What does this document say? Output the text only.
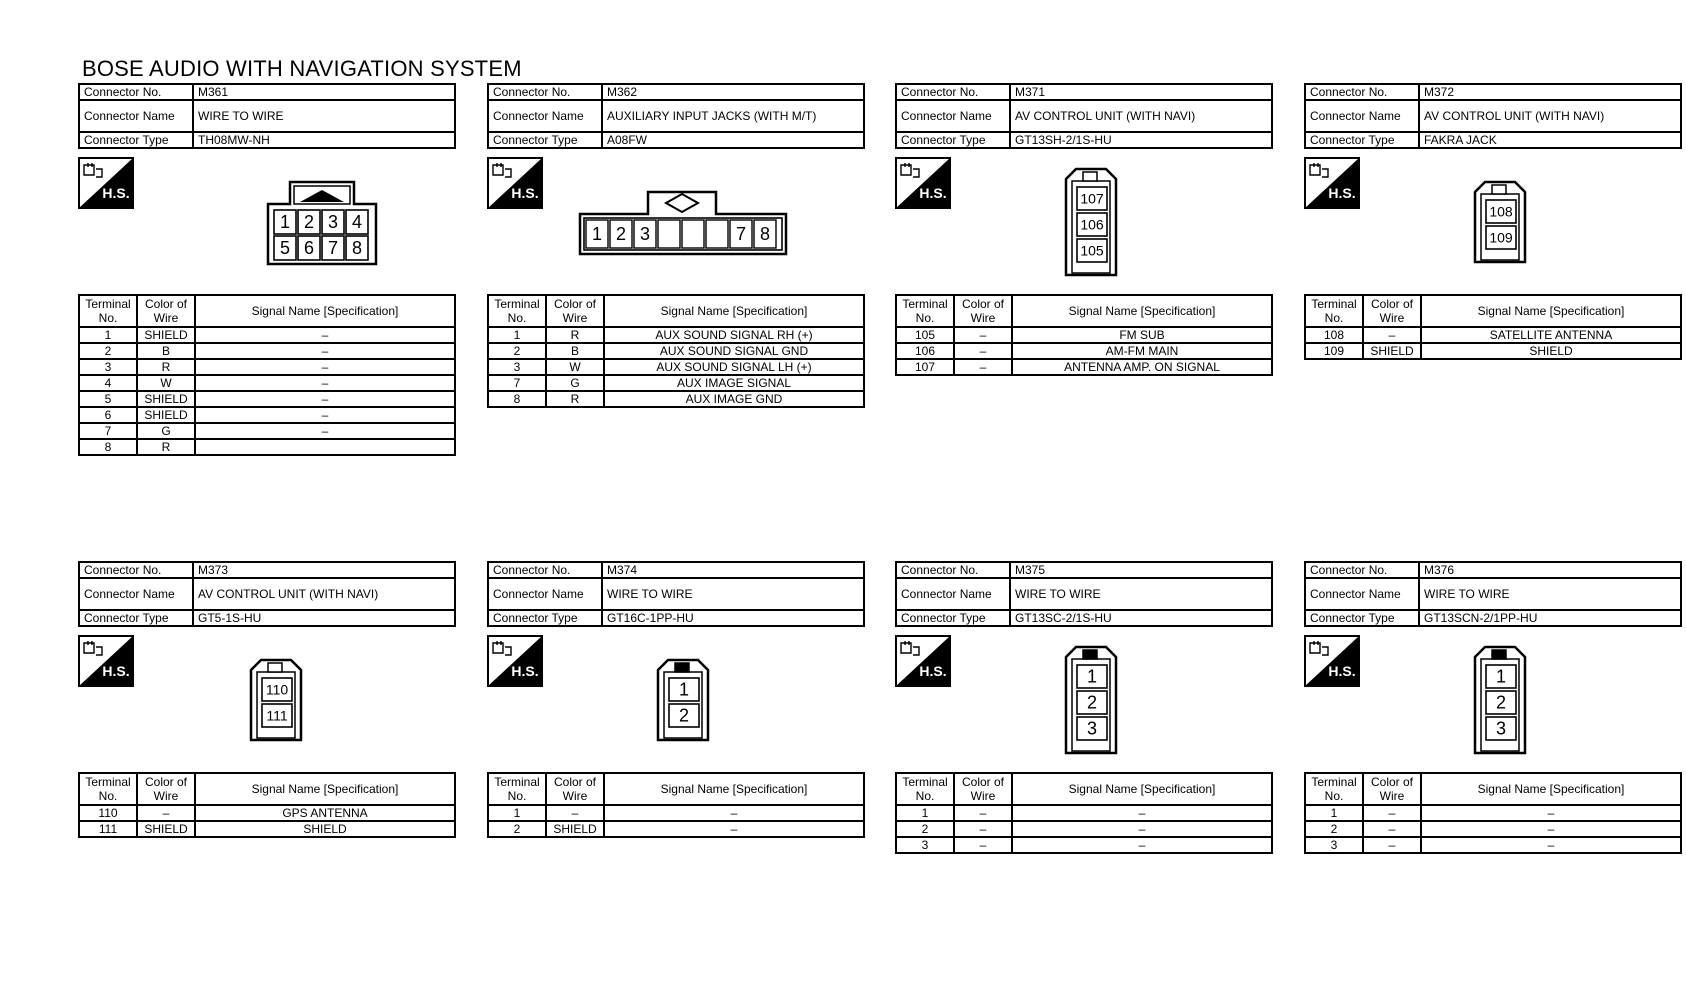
BOSE AUDIO WITH NAVIGATION SYSTEM
Connector No.	M361
Connector Name	WIRE TO WIRE
Connector Type	TH08MW-NH
H.S.
1 2 3 4
5 6 7 8
Terminal No.	Color of Wire	Signal Name [Specification]
1	SHIELD	–
2	B	–
3	R	–
4	W	–
5	SHIELD	–
6	SHIELD	–
7	G	–
8	R	
Connector No.	M362
Connector Name	AUXILIARY INPUT JACKS (WITH M/T)
Connector Type	A08FW
H.S.
1 2 3	7 8
Terminal No.	Color of Wire	Signal Name [Specification]
1	R	AUX SOUND SIGNAL RH (+)
2	B	AUX SOUND SIGNAL GND
3	W	AUX SOUND SIGNAL LH (+)
7	G	AUX IMAGE SIGNAL
8	R	AUX IMAGE GND
Connector No.	M371
Connector Name	AV CONTROL UNIT (WITH NAVI)
Connector Type	GT13SH-2/1S-HU
H.S.	107
106
105
Terminal No.	Color of Wire	Signal Name [Specification]
105	–	FM SUB
106	–	AM-FM MAIN
107	–	ANTENNA AMP. ON SIGNAL
Connector No.	M372
Connector Name	AV CONTROL UNIT (WITH NAVI)
Connector Type	FAKRA JACK
H.S.
108
109
Terminal No.	Color of Wire	Signal Name [Specification]
108	–	SATELLITE ANTENNA
109	SHIELD	SHIELD
Connector No.	M373
Connector Name	AV CONTROL UNIT (WITH NAVI)
Connector Type	GT5-1S-HU
H.S.
110
111
Terminal No.	Color of Wire	Signal Name [Specification]
110	–	GPS ANTENNA
111	SHIELD	SHIELD
Connector No.	M374
Connector Name	WIRE TO WIRE
Connector Type	GT16C-1PP-HU
H.S.
1
2
Terminal No.	Color of Wire	Signal Name [Specification]
1	–	–
2	SHIELD	–
Connector No.	M375
Connector Name	WIRE TO WIRE
Connector Type	GT13SC-2/1S-HU
H.S.	1
2
3
Terminal No.	Color of Wire	Signal Name [Specification]
1	–	–
2	–	–
3	–	–
Connector No.	M376
Connector Name	WIRE TO WIRE
Connector Type	GT13SCN-2/1PP-HU
H.S.	1
2
3
Terminal No.	Color of Wire	Signal Name [Specification]
1	–	–
2	–	–
3	–	–
